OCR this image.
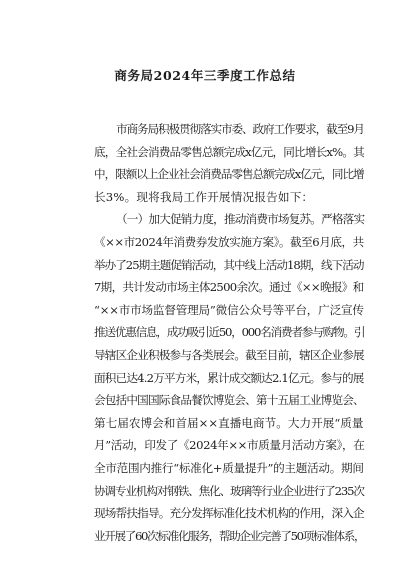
商务局2024年三季度工作总结
市商务局积极贯彻落实市委、政府工作要求，截至9月
底，全社会消费品零售总额完成x亿元，同比增长x%。其
中，限额以上企业社会消费品零售总额完成x亿元，同比增
长3%。现将我局工作开展情况报告如下：
（一）加大促销力度，推动消费市场复苏。严格落实
《××市2024年消费券发放实施方案》。截至6月底，共
举办了25期主题促销活动，其中线上活动18期，线下活动
7期，共计发动市场主体2500余次。通过《××晚报》和
“××市市场监督管理局”微信公众号等平台，广泛宣传
推送优惠信息，成功吸引近50，000名消费者参与购物。引
导辖区企业积极参与各类展会。截至目前，辖区企业参展
面积已达4.2万平方米，累计成交额达2.1亿元。参与的展
会包括中国国际食品餐饮博览会、第十五届工业博览会、
第七届农博会和首届××直播电商节。大力开展“质量
月”活动，印发了《2024年××市质量月活动方案》，在
全市范围内推行“标准化+质量提升”的主题活动。期间
协调专业机构对钢铁、焦化、玻璃等行业企业进行了235次
现场帮扶指导。充分发挥标准化技术机构的作用，深入企
业开展了60次标准化服务，帮助企业完善了50项标准体系，
